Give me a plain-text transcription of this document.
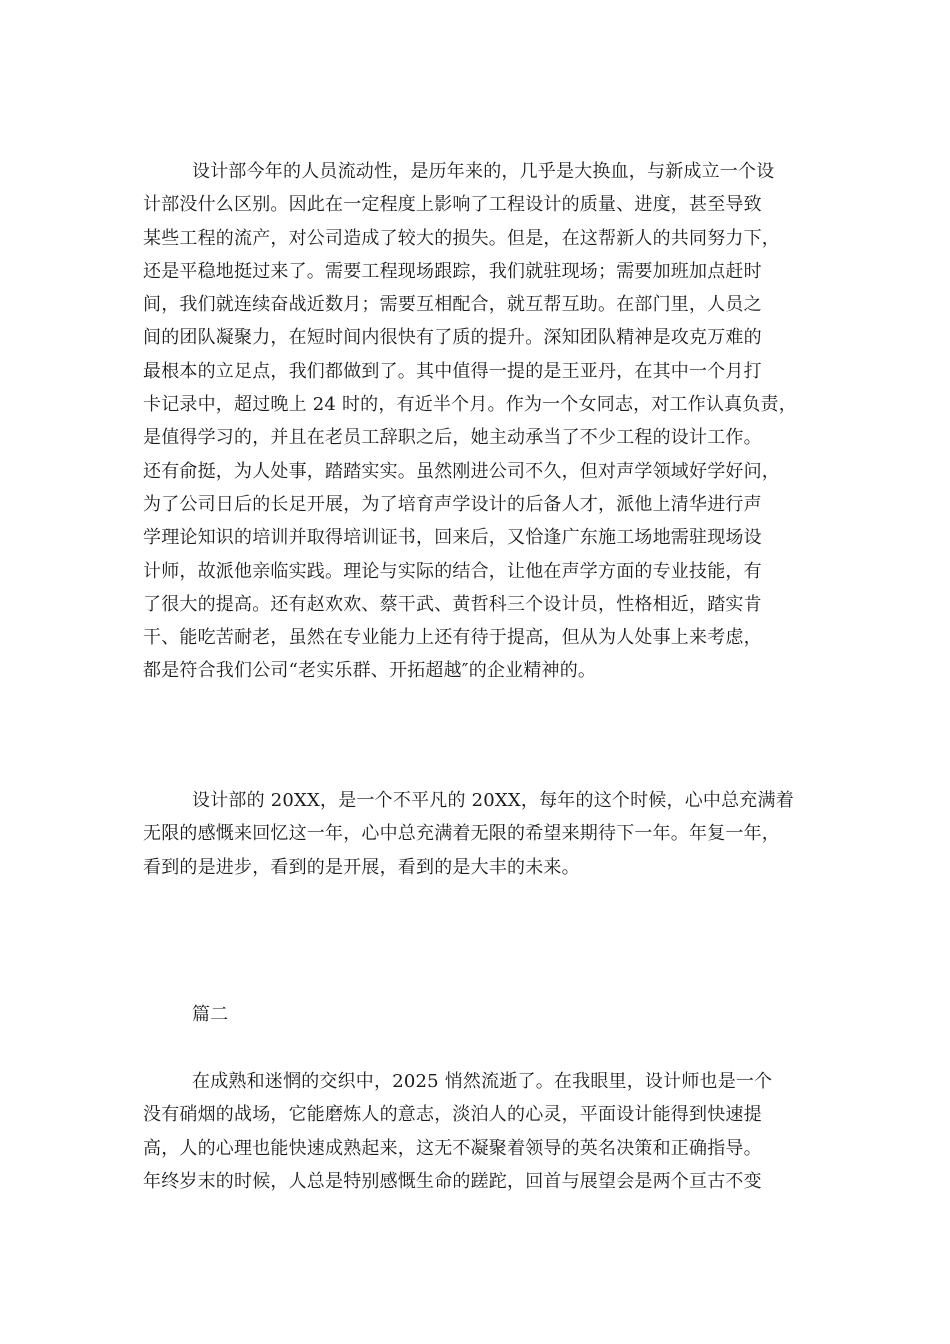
设计部今年的人员流动性，是历年来的，几乎是大换血，与新成立一个设
计部没什么区别。因此在一定程度上影响了工程设计的质量、进度，甚至导致
某些工程的流产，对公司造成了较大的损失。但是，在这帮新人的共同努力下，
还是平稳地挺过来了。需要工程现场跟踪，我们就驻现场；需要加班加点赶时
间，我们就连续奋战近数月；需要互相配合，就互帮互助。在部门里，人员之
间的团队凝聚力，在短时间内很快有了质的提升。深知团队精神是攻克万难的
最根本的立足点，我们都做到了。其中值得一提的是王亚丹，在其中一个月打
卡记录中，超过晚上 24 时的，有近半个月。作为一个女同志，对工作认真负责，
是值得学习的，并且在老员工辞职之后，她主动承当了不少工程的设计工作。
还有俞挺，为人处事，踏踏实实。虽然刚进公司不久，但对声学领域好学好问，
为了公司日后的长足开展，为了培育声学设计的后备人才，派他上清华进行声
学理论知识的培训并取得培训证书，回来后，又恰逢广东施工场地需驻现场设
计师，故派他亲临实践。理论与实际的结合，让他在声学方面的专业技能，有
了很大的提高。还有赵欢欢、蔡干武、黄哲科三个设计员，性格相近，踏实肯
干、能吃苦耐老，虽然在专业能力上还有待于提高，但从为人处事上来考虑，
都是符合我们公司“老实乐群、开拓超越″的企业精神的。
设计部的 20XX，是一个不平凡的 20XX，每年的这个时候，心中总充满着
无限的感慨来回忆这一年，心中总充满着无限的希望来期待下一年。年复一年，
看到的是进步，看到的是开展，看到的是大丰的未来。
篇二
在成熟和迷惘的交织中，2025 悄然流逝了。在我眼里，设计师也是一个
没有硝烟的战场，它能磨炼人的意志，淡泊人的心灵，平面设计能得到快速提
高，人的心理也能快速成熟起来，这无不凝聚着领导的英名决策和正确指导。
年终岁末的时候，人总是特别感慨生命的蹉跎，回首与展望会是两个亘古不变
